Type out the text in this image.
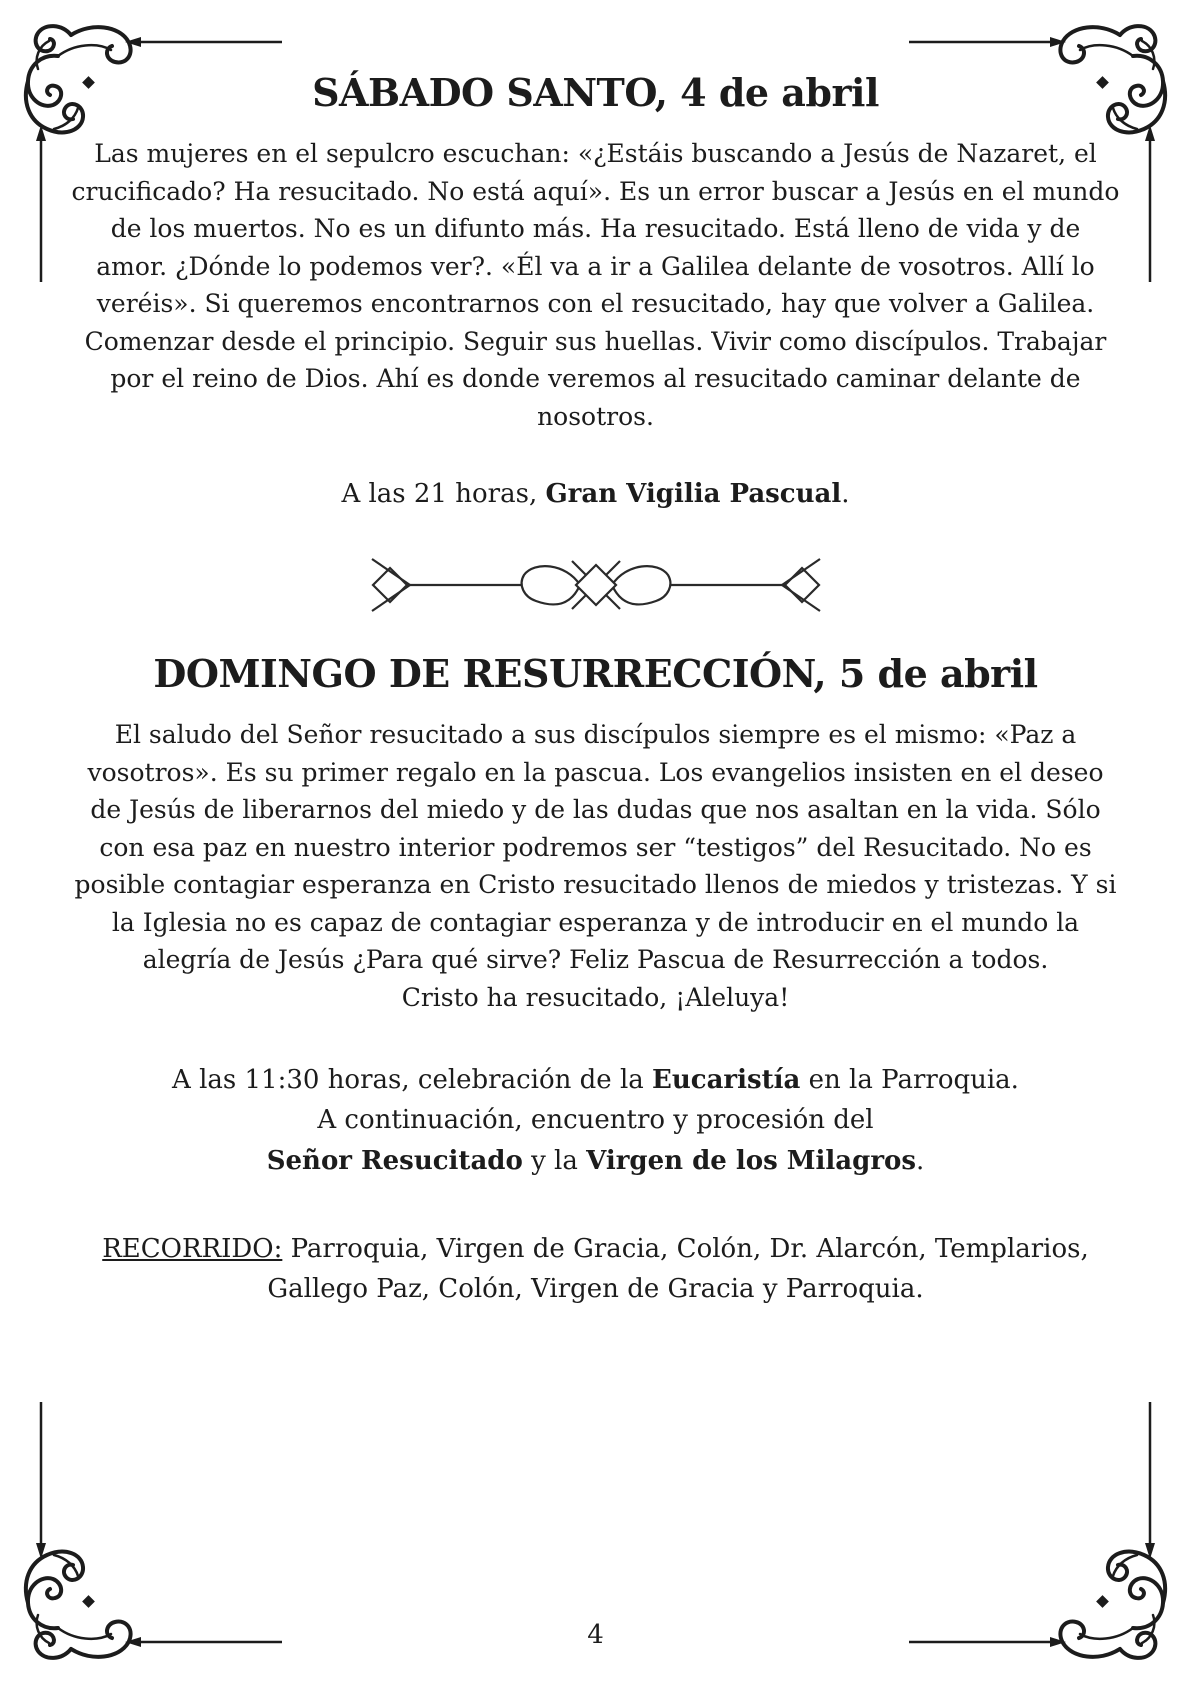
SÁBADO SANTO, 4 de abril

Las mujeres en el sepulcro escuchan: «¿Estáis buscando a Jesús de Nazaret, el crucificado? Ha resucitado. No está aquí». Es un error buscar a Jesús en el mundo de los muertos. No es un difunto más. Ha resucitado. Está lleno de vida y de amor. ¿Dónde lo podemos ver?. «Él va a ir a Galilea delante de vosotros. Allí lo veréis». Si queremos encontrarnos con el resucitado, hay que volver a Galilea. Comenzar desde el principio. Seguir sus huellas. Vivir como discípulos. Trabajar por el reino de Dios. Ahí es donde veremos al resucitado caminar delante de nosotros.

A las 21 horas, Gran Vigilia Pascual.
DOMINGO DE RESURRECCIÓN, 5 de abril

El saludo del Señor resucitado a sus discípulos siempre es el mismo: «Paz a vosotros». Es su primer regalo en la pascua. Los evangelios insisten en el deseo de Jesús de liberarnos del miedo y de las dudas que nos asaltan en la vida. Sólo con esa paz en nuestro interior podremos ser “testigos” del Resucitado. No es posible contagiar esperanza en Cristo resucitado llenos de miedos y tristezas. Y si la Iglesia no es capaz de contagiar esperanza y de introducir en el mundo la alegría de Jesús ¿Para qué sirve? Feliz Pascua de Resurrección a todos.

Cristo ha resucitado, ¡Aleluya!

A las 11:30 horas, celebración de la Eucaristía en la Parroquia.
A continuación, encuentro y procesión del
Señor Resucitado y la Virgen de los Milagros.
RECORRIDO: Parroquia, Virgen de Gracia, Colón, Dr. Alarcón, Templarios, Gallego Paz, Colón, Virgen de Gracia y Parroquia.
4
